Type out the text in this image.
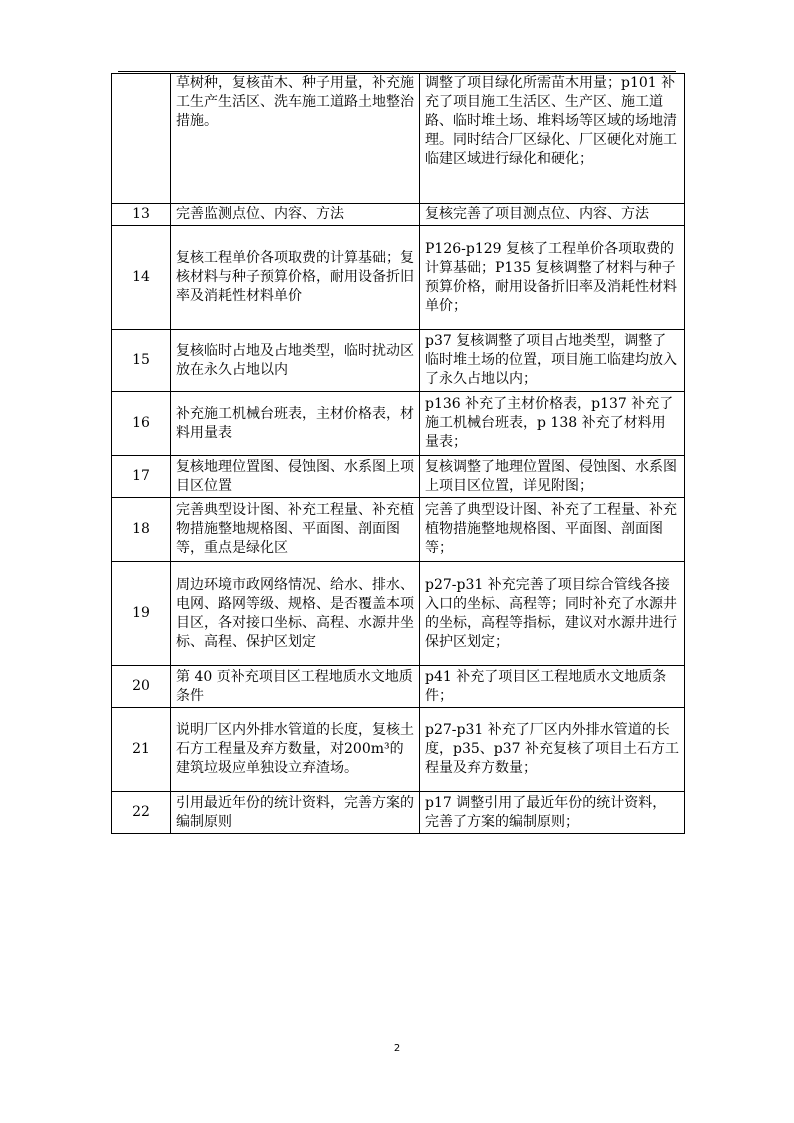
	草树种，复核苗木、种子用量，补充施工生产生活区、洗车施工道路土地整治措施。	调整了项目绿化所需苗木用量；p101 补充了项目施工生活区、生产区、施工道路、临时堆土场、堆料场等区域的场地清理。同时结合厂区绿化、厂区硬化对施工临建区域进行绿化和硬化；
13	完善监测点位、内容、方法	复核完善了项目测点位、内容、方法
14	复核工程单价各项取费的计算基础；复核材料与种子预算价格，耐用设备折旧率及消耗性材料单价	P126-p129 复核了工程单价各项取费的计算基础；P135 复核调整了材料与种子预算价格，耐用设备折旧率及消耗性材料单价；
15	复核临时占地及占地类型，临时扰动区放在永久占地以内	p37 复核调整了项目占地类型，调整了临时堆土场的位置，项目施工临建均放入了永久占地以内；
16	补充施工机械台班表，主材价格表，材料用量表	p136 补充了主材价格表，p137 补充了施工机械台班表，p 138 补充了材料用量表；
17	复核地理位置图、侵蚀图、水系图上项目区位置	复核调整了地理位置图、侵蚀图、水系图上项目区位置，详见附图；
18	完善典型设计图、补充工程量、补充植物措施整地规格图、平面图、剖面图等，重点是绿化区	完善了典型设计图、补充了工程量、补充植物措施整地规格图、平面图、剖面图等；
19	周边环境市政网络情况、给水、排水、电网、路网等级、规格、是否覆盖本项目区，各对接口坐标、高程、水源井坐标、高程、保护区划定	p27-p31 补充完善了项目综合管线各接入口的坐标、高程等；同时补充了水源井的坐标，高程等指标，建议对水源井进行保护区划定；
20	第 40 页补充项目区工程地质水文地质条件	p41 补充了项目区工程地质水文地质条件；
21	说明厂区内外排水管道的长度，复核土石方工程量及弃方数量，对200m³的建筑垃圾应单独设立弃渣场。	p27-p31 补充了厂区内外排水管道的长度，p35、p37 补充复核了项目土石方工程量及弃方数量；
22	引用最近年份的统计资料，完善方案的编制原则	p17 调整引用了最近年份的统计资料，完善了方案的编制原则；
2
